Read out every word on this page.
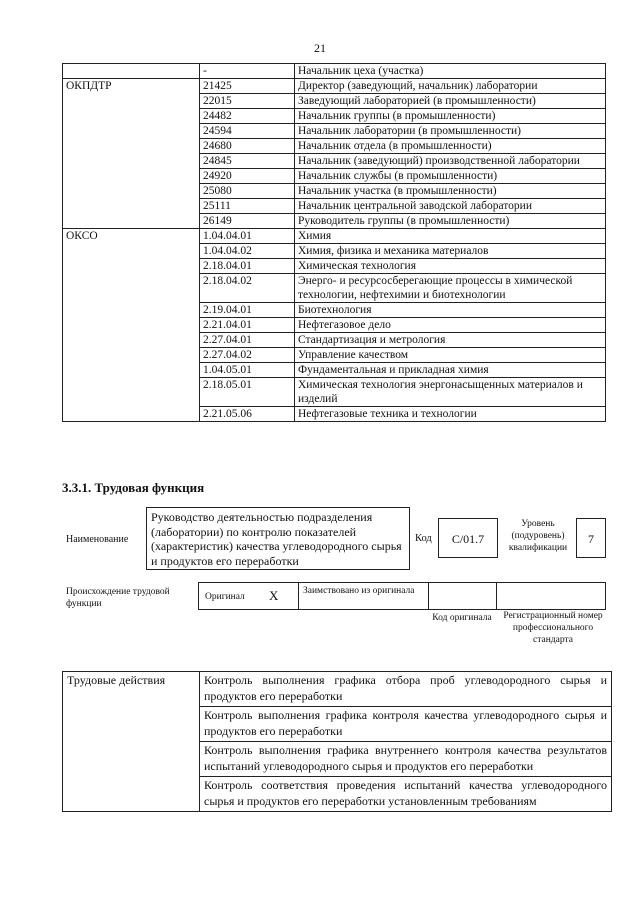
21
	-	Начальник цеха (участка)
ОКПДТР	21425	Директор (заведующий, начальник) лаборатории
	22015	Заведующий лабораторией (в промышленности)
	24482	Начальник группы (в промышленности)
	24594	Начальник лаборатории (в промышленности)
	24680	Начальник отдела (в промышленности)
	24845	Начальник (заведующий) производственной лаборатории
	24920	Начальник службы (в промышленности)
	25080	Начальник участка (в промышленности)
	25111	Начальник центральной заводской лаборатории
	26149	Руководитель группы (в промышленности)
ОКСО	1.04.04.01	Химия
	1.04.04.02	Химия, физика и механика материалов
	2.18.04.01	Химическая технология
	2.18.04.02	Энерго- и ресурсосберегающие процессы в химической технологии, нефтехимии и биотехнологии
	2.19.04.01	Биотехнология
	2.21.04.01	Нефтегазовое дело
	2.27.04.01	Стандартизация и метрология
	2.27.04.02	Управление качеством
	1.04.05.01	Фундаментальная и прикладная химия
	2.18.05.01	Химическая технология энергонасыщенных материалов и изделий
	2.21.05.06	Нефтегазовые техника и технологии
3.3.1. Трудовая функция
Наименование
Руководство деятельностью подразделения (лаборатории) по контролю показателей (характеристик) качества углеводородного сырья и продуктов его переработки
Код	C/01.7
Уровень (подуровень) квалификации
7
Происхождение трудовой функции
Оригинал X	Заимствовано из оригинала
Код оригинала	Регистрационный номер профессионального стандарта
Трудовые действия	Контроль выполнения графика отбора проб углеводородного сырья и продуктов его переработки
	Контроль выполнения графика контроля качества углеводородного сырья и продуктов его переработки
	Контроль выполнения графика внутреннего контроля качества результатов испытаний углеводородного сырья и продуктов его переработки
	Контроль соответствия проведения испытаний качества углеводородного сырья и продуктов его переработки установленным требованиям
